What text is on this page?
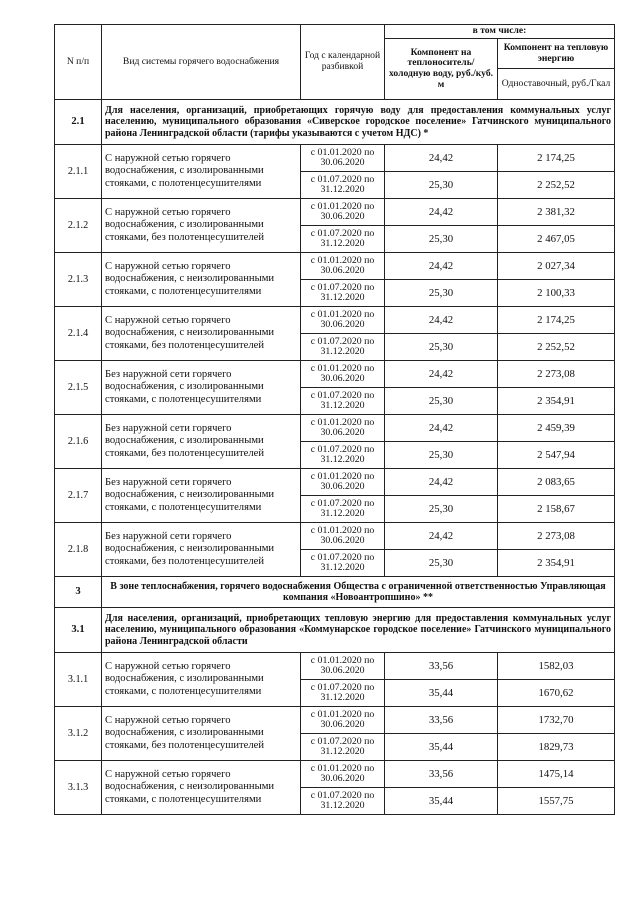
N п/п	Вид системы горячего водоснабжения	Год с календарной разбивкой	в том числе:	
			Компонент на теплоноситель/ холодную воду, руб./куб. м	Компонент на тепловую энергию
				Одноставочный, руб./Гкал
2.1	Для населения, организаций, приобретающих горячую воду для предоставления коммунальных услуг населению, муниципального образования «Сиверское городское поселение» Гатчинского муниципального района Ленинградской области (тарифы указываются с учетом НДС) *			
2.1.1	С наружной сетью горячего водоснабжения, с изолированными стояками, с полотенцесушителями	с 01.01.2020 по 30.06.2020	24,42	2 174,25
		с 01.07.2020 по 31.12.2020	25,30	2 252,52
2.1.2	С наружной сетью горячего водоснабжения, с изолированными стояками, без полотенцесушителей	с 01.01.2020 по 30.06.2020	24,42	2 381,32
		с 01.07.2020 по 31.12.2020	25,30	2 467,05
2.1.3	С наружной сетью горячего водоснабжения, с неизолированными стояками, с полотенцесушителями	с 01.01.2020 по 30.06.2020	24,42	2 027,34
		с 01.07.2020 по 31.12.2020	25,30	2 100,33
2.1.4	С наружной сетью горячего водоснабжения, с неизолированными стояками, без полотенцесушителей	с 01.01.2020 по 30.06.2020	24,42	2 174,25
		с 01.07.2020 по 31.12.2020	25,30	2 252,52
2.1.5	Без наружной сети горячего водоснабжения, с изолированными стояками, с полотенцесушителями	с 01.01.2020 по 30.06.2020	24,42	2 273,08
		с 01.07.2020 по 31.12.2020	25,30	2 354,91
2.1.6	Без наружной сети горячего водоснабжения, с изолированными стояками, без полотенцесушителей	с 01.01.2020 по 30.06.2020	24,42	2 459,39
		с 01.07.2020 по 31.12.2020	25,30	2 547,94
2.1.7	Без наружной сети горячего водоснабжения, с неизолированными стояками, с полотенцесушителями	с 01.01.2020 по 30.06.2020	24,42	2 083,65
		с 01.07.2020 по 31.12.2020	25,30	2 158,67
2.1.8	Без наружной сети горячего водоснабжения, с неизолированными стояками, без полотенцесушителей	с 01.01.2020 по 30.06.2020	24,42	2 273,08
		с 01.07.2020 по 31.12.2020	25,30	2 354,91
3	В зоне теплоснабжения, горячего водоснабжения Общества с ограниченной ответственностью Управляющая компания «Новоантропшино» **			
3.1	Для населения, организаций, приобретающих тепловую энергию для предоставления коммунальных услуг населению, муниципального образования «Коммунарское городское поселение» Гатчинского муниципального района Ленинградской области			
3.1.1	С наружной сетью горячего водоснабжения, с изолированными стояками, с полотенцесушителями	с 01.01.2020 по 30.06.2020	33,56	1582,03
		с 01.07.2020 по 31.12.2020	35,44	1670,62
3.1.2	С наружной сетью горячего водоснабжения, с изолированными стояками, без полотенцесушителей	с 01.01.2020 по 30.06.2020	33,56	1732,70
		с 01.07.2020 по 31.12.2020	35,44	1829,73
3.1.3	С наружной сетью горячего водоснабжения, с неизолированными стояками, с полотенцесушителями	с 01.01.2020 по 30.06.2020	33,56	1475,14
		с 01.07.2020 по 31.12.2020	35,44	1557,75
